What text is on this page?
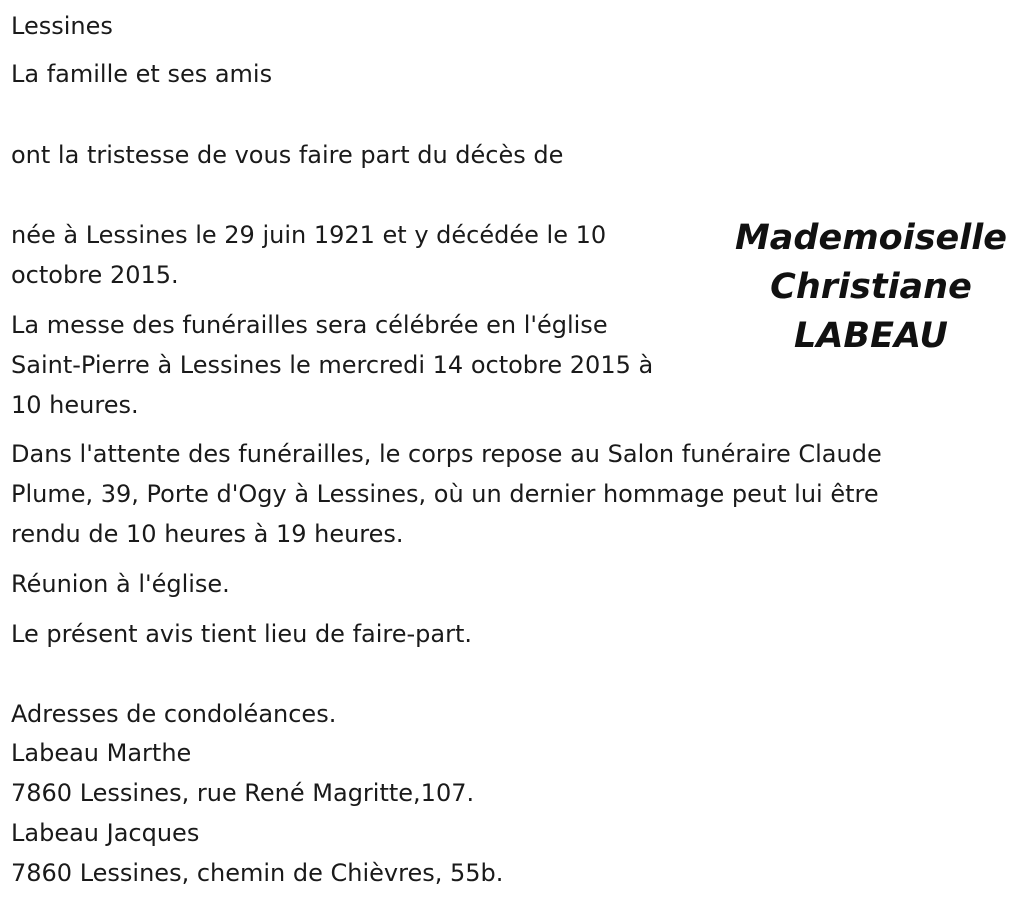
Lessines
La famille et ses amis
ont la tristesse de vous faire part du décès de
née à Lessines le 29 juin 1921 et y décédée le 10
octobre 2015.
La messe des funérailles sera célébrée en l'église
Saint-Pierre à Lessines le mercredi 14 octobre 2015 à
10 heures.
Dans l'attente des funérailles, le corps repose au Salon funéraire Claude
Plume, 39, Porte d'Ogy à Lessines, où un dernier hommage peut lui être
rendu de 10 heures à 19 heures.
Réunion à l'église.
Le présent avis tient lieu de faire-part.
Adresses de condoléances.
Labeau Marthe
7860 Lessines, rue René Magritte,107.
Labeau Jacques
7860 Lessines, chemin de Chièvres, 55b.
Mademoiselle
Christiane
LABEAU
